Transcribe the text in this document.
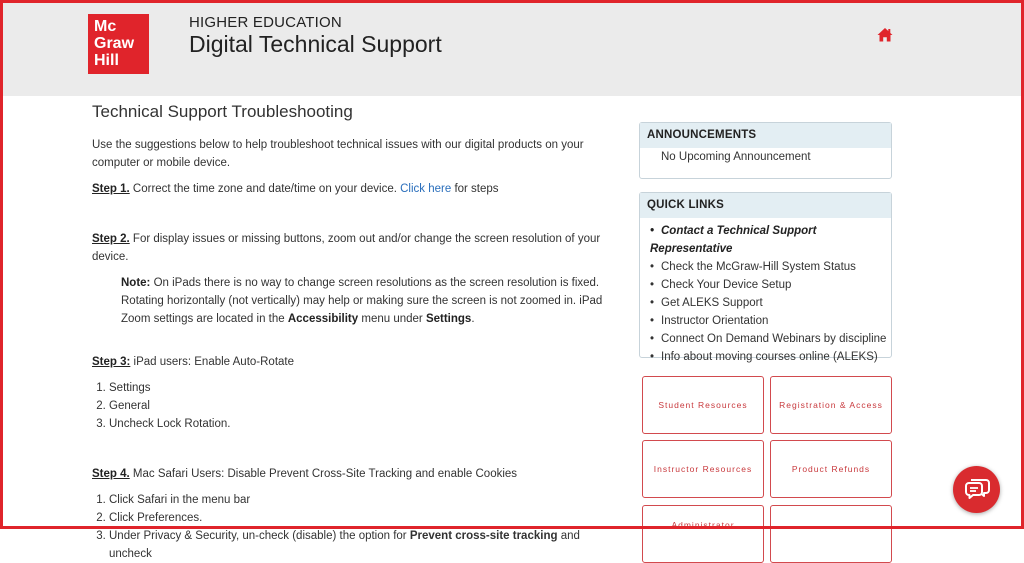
Mc
Graw
Hill
HIGHER EDUCATION
Digital Technical Support
Technical Support Troubleshooting

Use the suggestions below to help troubleshoot technical issues with our digital products on your computer or mobile device.

Step 1. Correct the time zone and date/time on your device. Click here for steps

Step 2. For display issues or missing buttons, zoom out and/or change the screen resolution of your device.

Note: On iPads there is no way to change screen resolutions as the screen resolution is fixed. Rotating horizontally (not vertically) may help or making sure the screen is not zoomed in. iPad Zoom settings are located in the Accessibility menu under Settings.

Step 3: iPad users: Enable Auto-Rotate

1. Settings
2. General
3. Uncheck Lock Rotation.

Step 4. Mac Safari Users: Disable Prevent Cross-Site Tracking and enable Cookies

1. Click Safari in the menu bar
2. Click Preferences.
3. Under Privacy & Security, un-check (disable) the option for Prevent cross-site tracking and uncheck
ANNOUNCEMENTS
No Upcoming Announcement
QUICK LINKS
• Contact a Technical Support Representative
• Check the McGraw-Hill System Status
• Check Your Device Setup
• Get ALEKS Support
• Instructor Orientation
• Connect On Demand Webinars by discipline
• Info about moving courses online (ALEKS)
Student Resources	Registration & Access
Instructor Resources	Product Refunds
Administrator
